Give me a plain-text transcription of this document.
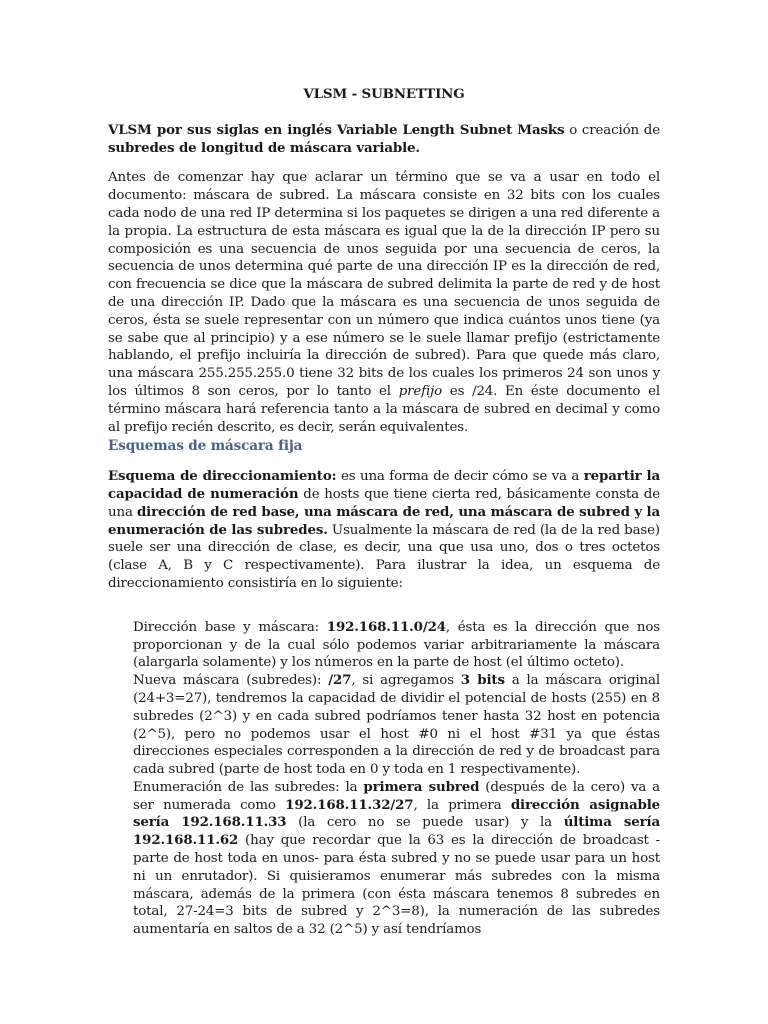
VLSM - SUBNETTING

VLSM por sus siglas en inglés Variable Length Subnet Masks o creación de subredes de longitud de máscara variable.

Antes de comenzar hay que aclarar un término que se va a usar en todo el documento: máscara de subred. La máscara consiste en 32 bits con los cuales cada nodo de una red IP determina si los paquetes se dirigen a una red diferente a la propia. La estructura de esta máscara es igual que la de la dirección IP pero su composición es una secuencia de unos seguida por una secuencia de ceros, la secuencia de unos determina qué parte de una dirección IP es la dirección de red, con frecuencia se dice que la máscara de subred delimita la parte de red y de host de una dirección IP. Dado que la máscara es una secuencia de unos seguida de ceros, ésta se suele representar con un número que indica cuántos unos tiene (ya se sabe que al principio) y a ese número se le suele llamar prefijo (estrictamente hablando, el prefijo incluiría la dirección de subred). Para que quede más claro, una máscara 255.255.255.0 tiene 32 bits de los cuales los primeros 24 son unos y los últimos 8 son ceros, por lo tanto el prefijo es /24. En éste documento el término máscara hará referencia tanto a la máscara de subred en decimal y como al prefijo recién descrito, es decir, serán equivalentes.

Esquemas de máscara fija

Esquema de direccionamiento: es una forma de decir cómo se va a repartir la capacidad de numeración de hosts que tiene cierta red, básicamente consta de una dirección de red base, una máscara de red, una máscara de subred y la enumeración de las subredes. Usualmente la máscara de red (la de la red base) suele ser una dirección de clase, es decir, una que usa uno, dos o tres octetos (clase A, B y C respectivamente). Para ilustrar la idea, un esquema de direccionamiento consistiría en lo siguiente:

Dirección base y máscara: 192.168.11.0/24, ésta es la dirección que nos proporcionan y de la cual sólo podemos variar arbitrariamente la máscara (alargarla solamente) y los números en la parte de host (el último octeto).

Nueva máscara (subredes): /27, si agregamos 3 bits a la máscara original (24+3=27), tendremos la capacidad de dividir el potencial de hosts (255) en 8 subredes (2^3) y en cada subred podríamos tener hasta 32 host en potencia (2^5), pero no podemos usar el host #0 ni el host #31 ya que éstas direcciones especiales corresponden a la dirección de red y de broadcast para cada subred (parte de host toda en 0 y toda en 1 respectivamente).

Enumeración de las subredes: la primera subred (después de la cero) va a ser numerada como 192.168.11.32/27, la primera dirección asignable sería 192.168.11.33 (la cero no se puede usar) y la última sería 192.168.11.62 (hay que recordar que la 63 es la dirección de broadcast -parte de host toda en unos- para ésta subred y no se puede usar para un host ni un enrutador). Si quisieramos enumerar más subredes con la misma máscara, además de la primera (con ésta máscara tenemos 8 subredes en total, 27-24=3 bits de subred y 2^3=8), la numeración de las subredes aumentaría en saltos de a 32 (2^5) y así tendríamos
